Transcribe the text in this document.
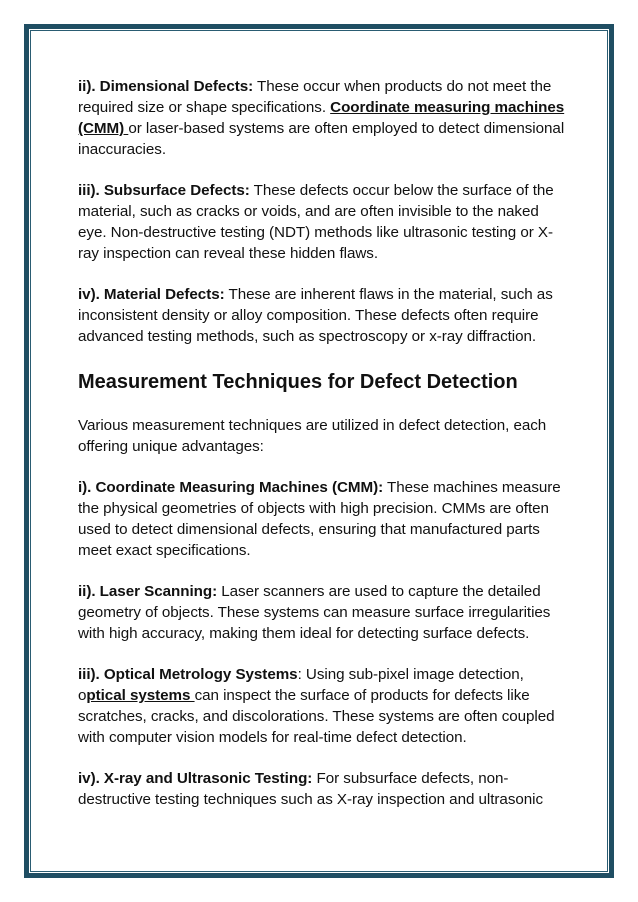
ii). Dimensional Defects: These occur when products do not meet the required size or shape specifications. Coordinate measuring machines (CMM) or laser-based systems are often employed to detect dimensional inaccuracies.

iii). Subsurface Defects: These defects occur below the surface of the material, such as cracks or voids, and are often invisible to the naked eye. Non-destructive testing (NDT) methods like ultrasonic testing or X-ray inspection can reveal these hidden flaws.

iv). Material Defects: These are inherent flaws in the material, such as inconsistent density or alloy composition. These defects often require advanced testing methods, such as spectroscopy or x-ray diffraction.

Measurement Techniques for Defect Detection

Various measurement techniques are utilized in defect detection, each offering unique advantages:

i). Coordinate Measuring Machines (CMM): These machines measure the physical geometries of objects with high precision. CMMs are often used to detect dimensional defects, ensuring that manufactured parts meet exact specifications.

ii). Laser Scanning: Laser scanners are used to capture the detailed geometry of objects. These systems can measure surface irregularities with high accuracy, making them ideal for detecting surface defects.

iii). Optical Metrology Systems: Using sub-pixel image detection, optical systems can inspect the surface of products for defects like scratches, cracks, and discolorations. These systems are often coupled with computer vision models for real-time defect detection.

iv). X-ray and Ultrasonic Testing: For subsurface defects, non-destructive testing techniques such as X-ray inspection and ultrasonic
